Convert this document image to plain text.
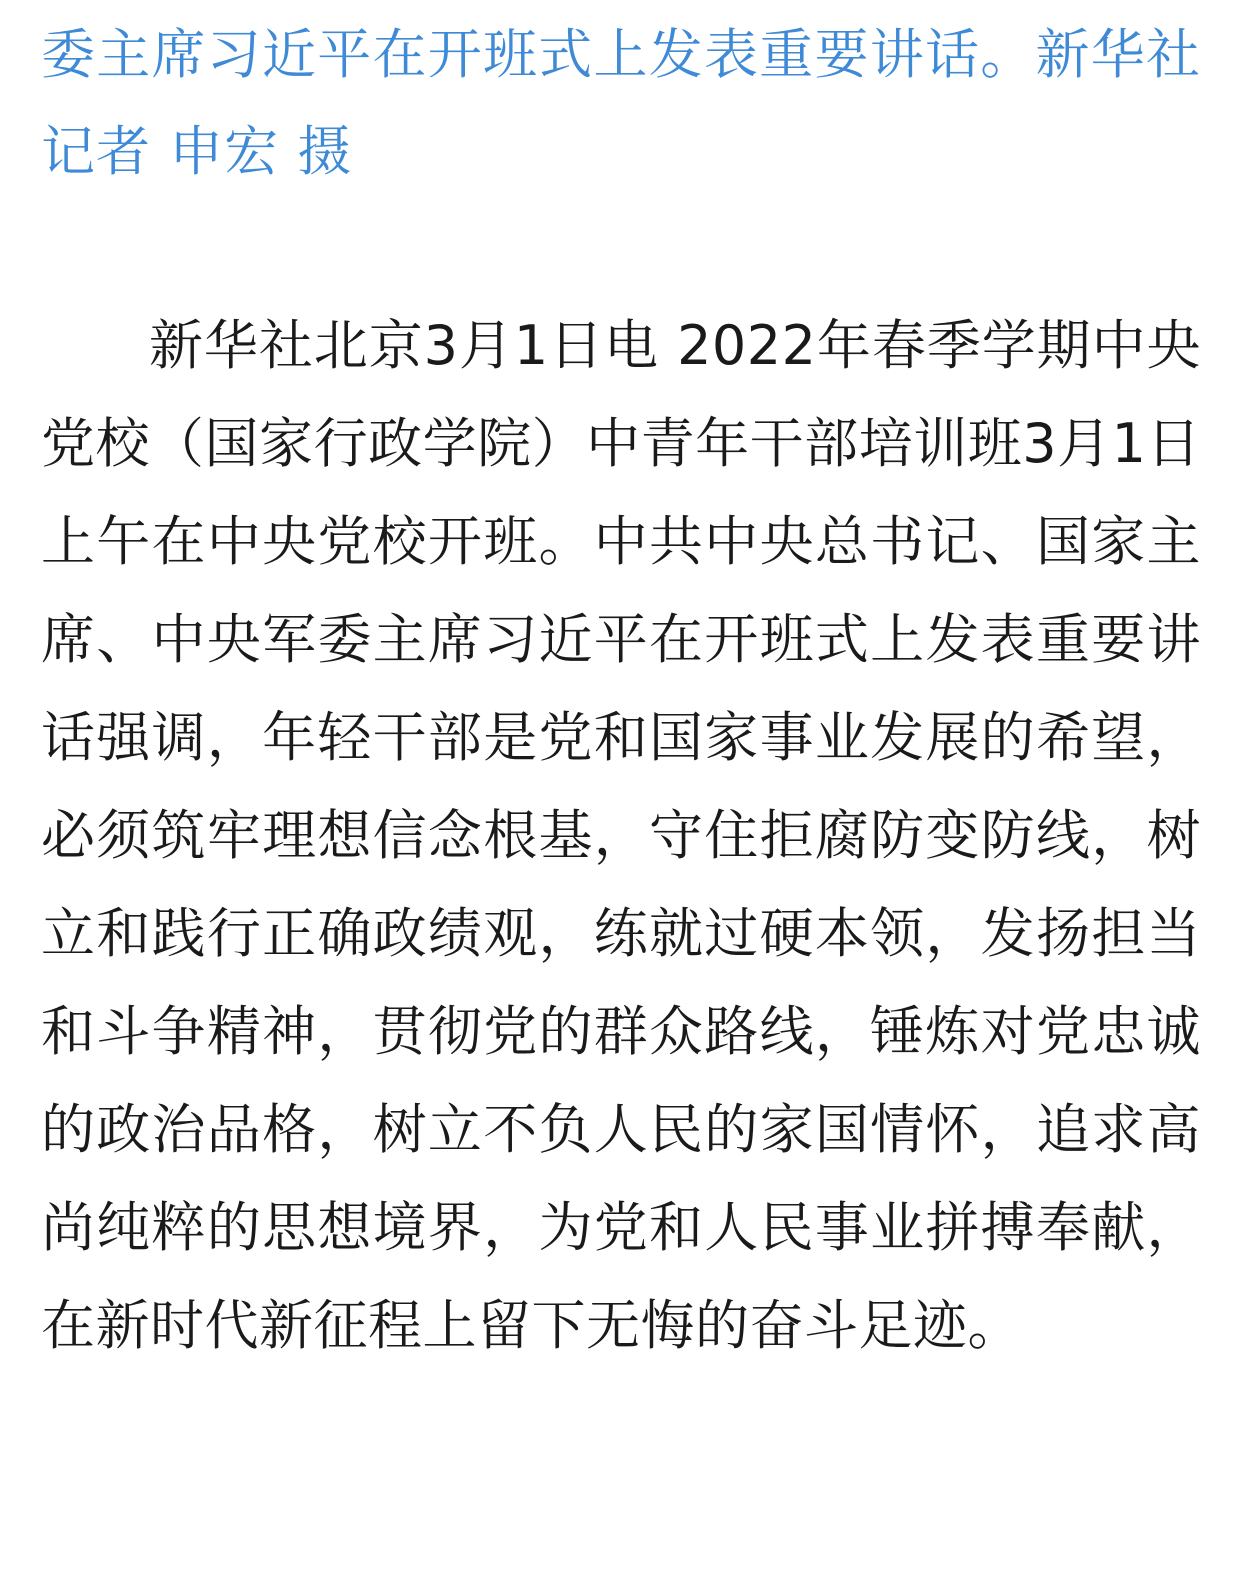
委主席习近平在开班式上发表重要讲话。新华社记者 申宏 摄

新华社北京3月1日电 2022年春季学期中央党校（国家行政学院）中青年干部培训班3月1日上午在中央党校开班。中共中央总书记、国家主席、中央军委主席习近平在开班式上发表重要讲话强调，年轻干部是党和国家事业发展的希望，必须筑牢理想信念根基，守住拒腐防变防线，树立和践行正确政绩观，练就过硬本领，发扬担当和斗争精神，贯彻党的群众路线，锤炼对党忠诚的政治品格，树立不负人民的家国情怀，追求高尚纯粹的思想境界，为党和人民事业拼搏奉献，在新时代新征程上留下无悔的奋斗足迹。
